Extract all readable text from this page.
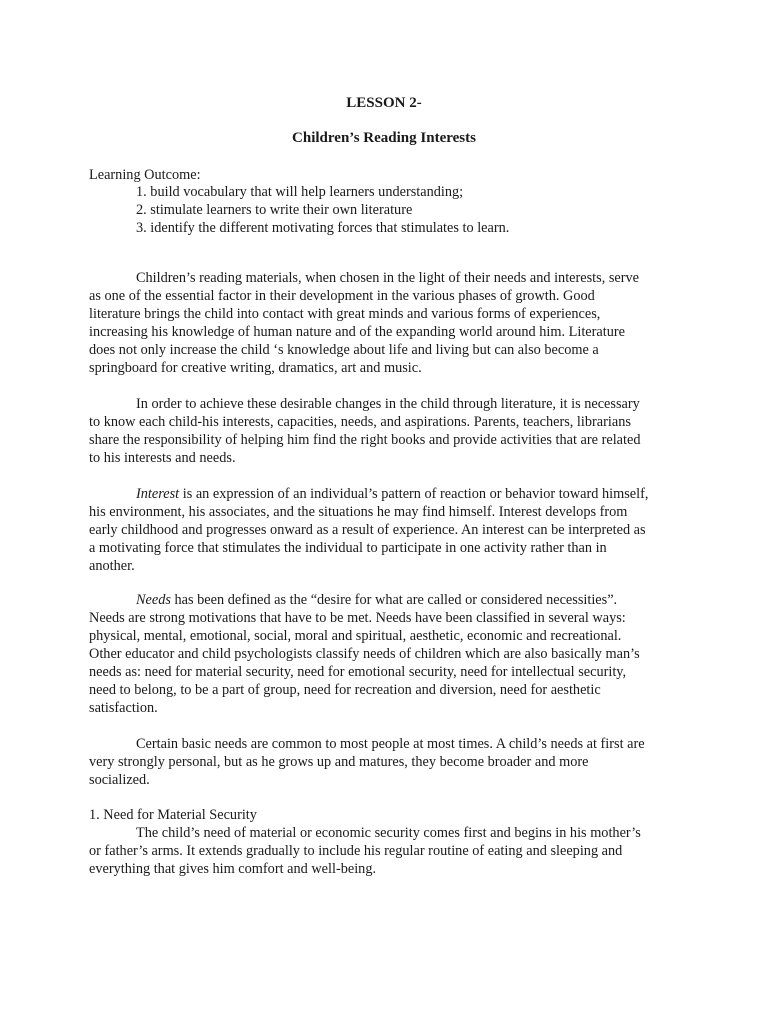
LESSON 2-
Children’s Reading Interests
Learning Outcome:
1. build vocabulary that will help learners understanding;
2. stimulate learners to write their own literature
3. identify the different motivating forces that stimulates to learn.
Children’s reading materials, when chosen in the light of their needs and interests, serve
as one of the essential factor in their development in the various phases of growth. Good
literature brings the child into contact with great minds and various forms of experiences,
increasing his knowledge of human nature and of the expanding world around him. Literature
does not only increase the child ‘s knowledge about life and living but can also become a
springboard for creative writing, dramatics, art and music.
In order to achieve these desirable changes in the child through literature, it is necessary
to know each child-his interests, capacities, needs, and aspirations. Parents, teachers, librarians
share the responsibility of helping him find the right books and provide activities that are related
to his interests and needs.
Interest is an expression of an individual’s pattern of reaction or behavior toward himself,
his environment, his associates, and the situations he may find himself. Interest develops from
early childhood and progresses onward as a result of experience. An interest can be interpreted as
a motivating force that stimulates the individual to participate in one activity rather than in
another.
Needs has been defined as the “desire for what are called or considered necessities”.
Needs are strong motivations that have to be met. Needs have been classified in several ways:
physical, mental, emotional, social, moral and spiritual, aesthetic, economic and recreational.
Other educator and child psychologists classify needs of children which are also basically man’s
needs as: need for material security, need for emotional security, need for intellectual security,
need to belong, to be a part of group, need for recreation and diversion, need for aesthetic
satisfaction.
Certain basic needs are common to most people at most times. A child’s needs at first are
very strongly personal, but as he grows up and matures, they become broader and more
socialized.
1. Need for Material Security
The child’s need of material or economic security comes first and begins in his mother’s
or father’s arms. It extends gradually to include his regular routine of eating and sleeping and
everything that gives him comfort and well-being.
